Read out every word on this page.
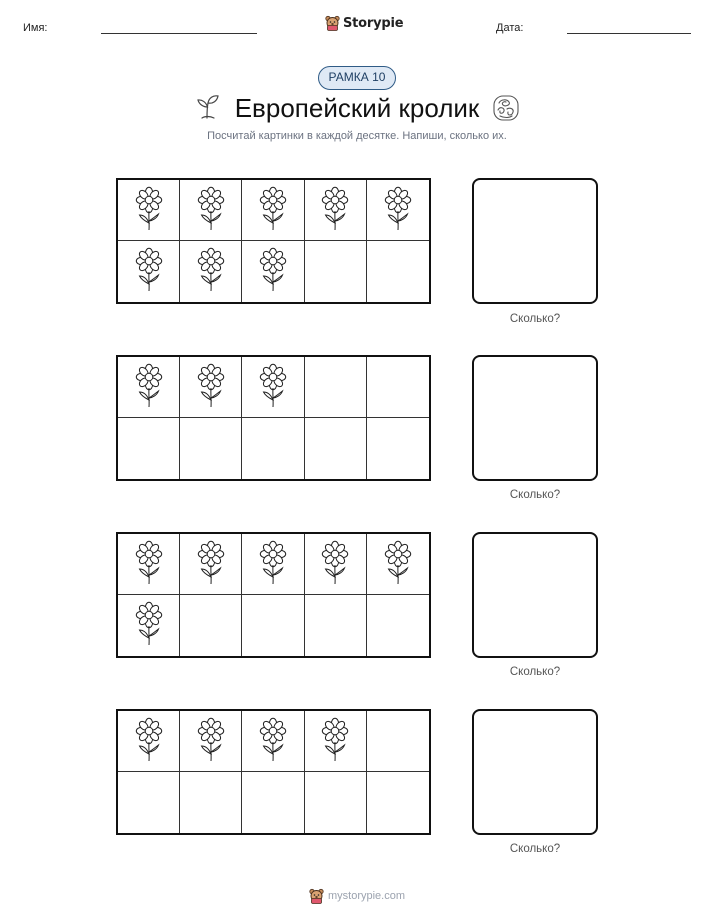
Имя:	Storypie	Дата:
РАМКА 10
Европейский кролик
Посчитай картинки в каждой десятке. Напиши, сколько их.
Сколько?
Сколько?
Сколько?
Сколько?
mystorypie.com
